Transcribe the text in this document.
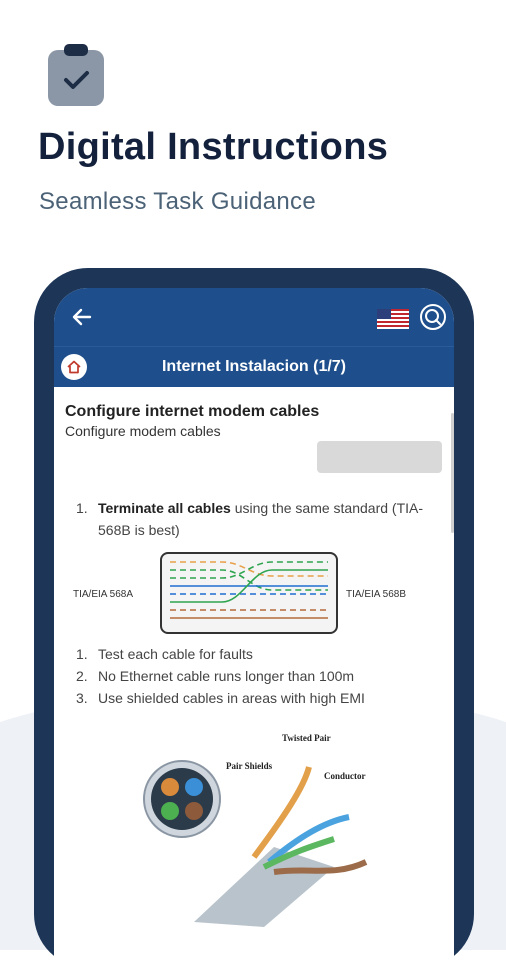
Digital Instructions

Seamless Task Guidance

Internet Instalacion (1/7)
Configure internet modem cables
Configure modem cables
1. Terminate all cables using the same standard (TIA-568B is best)
TIA/EIA 568A	TIA/EIA 568B
1. Test each cable for faults
2. No Ethernet cable runs longer than 100m
3. Use shielded cables in areas with high EMI
Twisted Pair
Pair Shields
Conductor
